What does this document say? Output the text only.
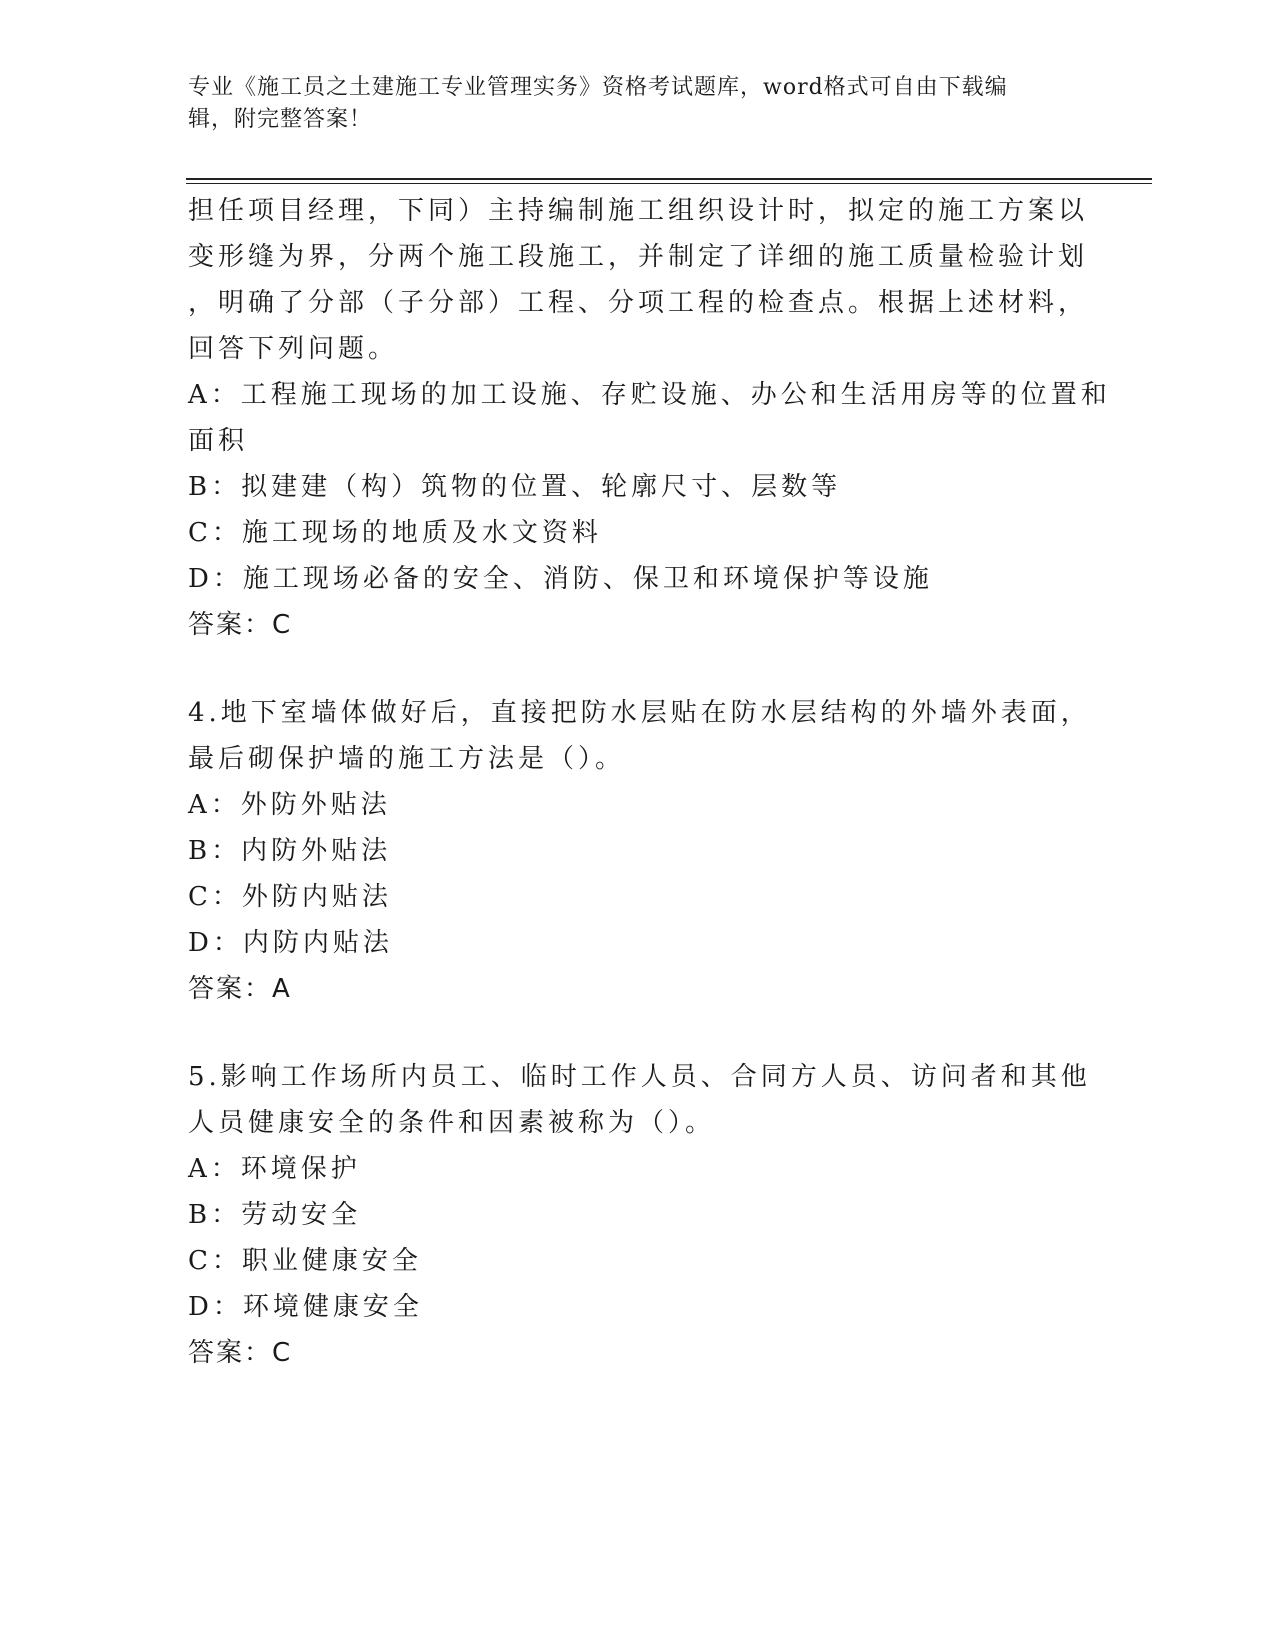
专业《施工员之土建施工专业管理实务》资格考试题库，word格式可自由下载编
辑，附完整答案！
担任项目经理，下同）主持编制施工组织设计时，拟定的施工方案以
变形缝为界，分两个施工段施工，并制定了详细的施工质量检验计划
，明确了分部（子分部）工程、分项工程的检查点。根据上述材料，
回答下列问题。
A：工程施工现场的加工设施、存贮设施、办公和生活用房等的位置和
面积
B：拟建建（构）筑物的位置、轮廓尺寸、层数等
C：施工现场的地质及水文资料
D：施工现场必备的安全、消防、保卫和环境保护等设施
答案：C
4.地下室墙体做好后，直接把防水层贴在防水层结构的外墙外表面，
最后砌保护墙的施工方法是（）。
A：外防外贴法
B：内防外贴法
C：外防内贴法
D：内防内贴法
答案：A
5.影响工作场所内员工、临时工作人员、合同方人员、访问者和其他
人员健康安全的条件和因素被称为（）。
A：环境保护
B：劳动安全
C：职业健康安全
D：环境健康安全
答案：C
